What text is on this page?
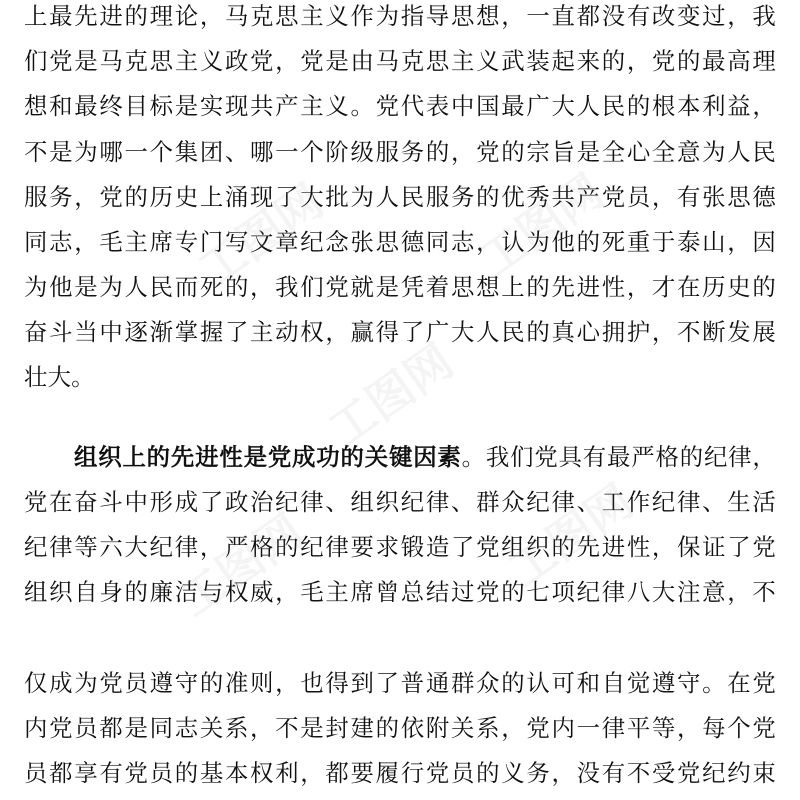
上最先进的理论，马克思主义作为指导思想，一直都没有改变过，我
们党是马克思主义政党，党是由马克思主义武装起来的，党的最高理
想和最终目标是实现共产主义。党代表中国最广大人民的根本利益，
不是为哪一个集团、哪一个阶级服务的，党的宗旨是全心全意为人民
服务，党的历史上涌现了大批为人民服务的优秀共产党员，有张思德
同志，毛主席专门写文章纪念张思德同志，认为他的死重于泰山，因
为他是为人民而死的，我们党就是凭着思想上的先进性，才在历史的
奋斗当中逐渐掌握了主动权，赢得了广大人民的真心拥护，不断发展
壮大。
组织上的先进性是党成功的关键因素。我们党具有最严格的纪律，
党在奋斗中形成了政治纪律、组织纪律、群众纪律、工作纪律、生活
纪律等六大纪律，严格的纪律要求锻造了党组织的先进性，保证了党
组织自身的廉洁与权威，毛主席曾总结过党的七项纪律八大注意，不
仅成为党员遵守的准则，也得到了普通群众的认可和自觉遵守。在党
内党员都是同志关系，不是封建的依附关系，党内一律平等，每个党
员都享有党员的基本权利，都要履行党员的义务，没有不受党纪约束
工图网	工图网
工图网
工图网	工图网
